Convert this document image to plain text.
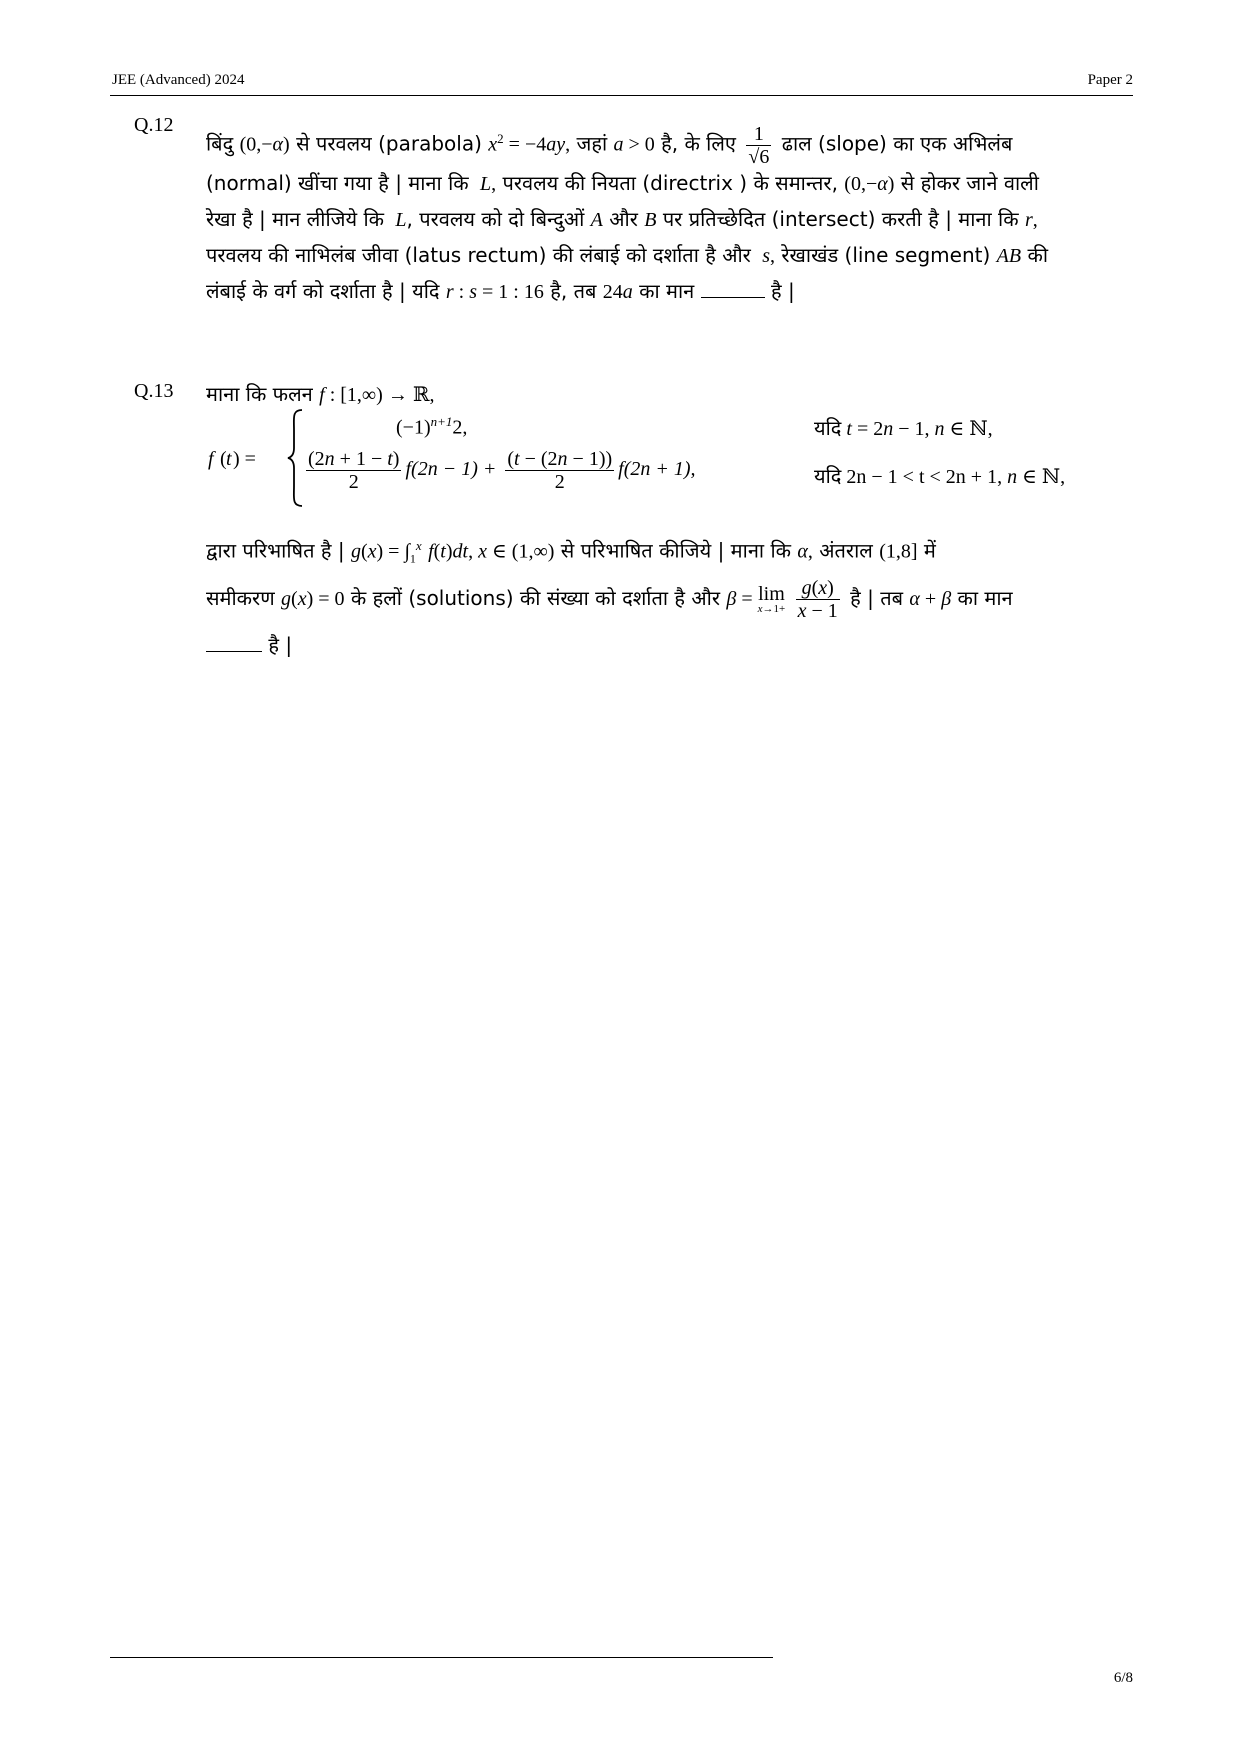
JEE (Advanced) 2024	Paper 2
Q.12
बिंदु (0,−α) से परवलय (parabola) $x^2 = -4ay$, जहां a > 0 है, के लिए $\frac{1}{√6}$ ढाल (slope) का एक अभिलंब
(normal) खींचा गया है | माना कि  L, परवलय की नियता (directrix ) के समान्तर, (0,−α) से होकर जाने वाली
रेखा है | मान लीजिये कि  L, परवलय को दो बिन्दुओं A और B पर प्रतिच्छेदित (intersect) करती है | माना कि r,
परवलय की नाभिलंब जीवा (latus rectum) की लंबाई को दर्शाता है और  s, रेखाखंड (line segment) AB की
लंबाई के वर्ग को दर्शाता है | यदि r : s = 1 : 16 है, तब 24a का मान	है |
Q.13 माना कि फलन f : [1,∞) → ℝ,
f ( t ) =
$(-1)^{n+1}2$,	यदि t = 2n − 1, n ∈ ℕ,
$\frac{(2n + 1 - t)}{2} f(2n - 1) + \frac{(t - (2n - 1))}{2} f(2n + 1)$,	यदि 2n − 1 < t < 2n + 1, n ∈ ℕ,
द्वारा परिभाषित है | $g(x) = \int_1^x$ f(t)dt, x ∈ (1,∞) से परिभाषित कीजिये | माना कि α, अंतराल (1,8] में
समीकरण g(x) = 0 के हलों (solutions) की संख्या को दर्शाता है और β = lim
x→1+
$\frac{g(x)}{x - 1}$ है | तब α + β का मान
है |
6/8
